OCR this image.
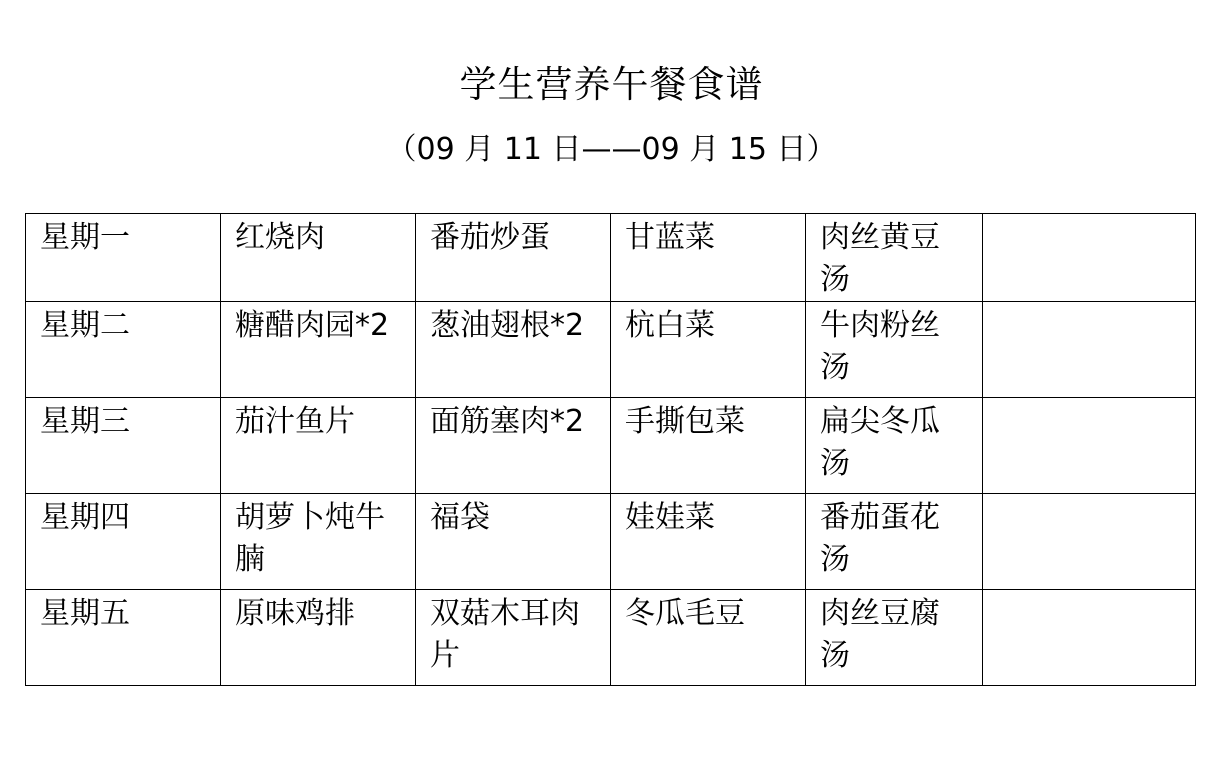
学生营养午餐食谱
（09 月 11 日——09 月 15 日）
星期一	红烧肉	番茄炒蛋	甘蓝菜	肉丝黄豆汤	
星期二	糖醋肉园*2	葱油翅根*2	杭白菜	牛肉粉丝汤	
星期三	茄汁鱼片	面筋塞肉*2	手撕包菜	扁尖冬瓜汤	
星期四	胡萝卜炖牛腩	福袋	娃娃菜	番茄蛋花汤	
星期五	原味鸡排	双菇木耳肉片	冬瓜毛豆	肉丝豆腐汤	
